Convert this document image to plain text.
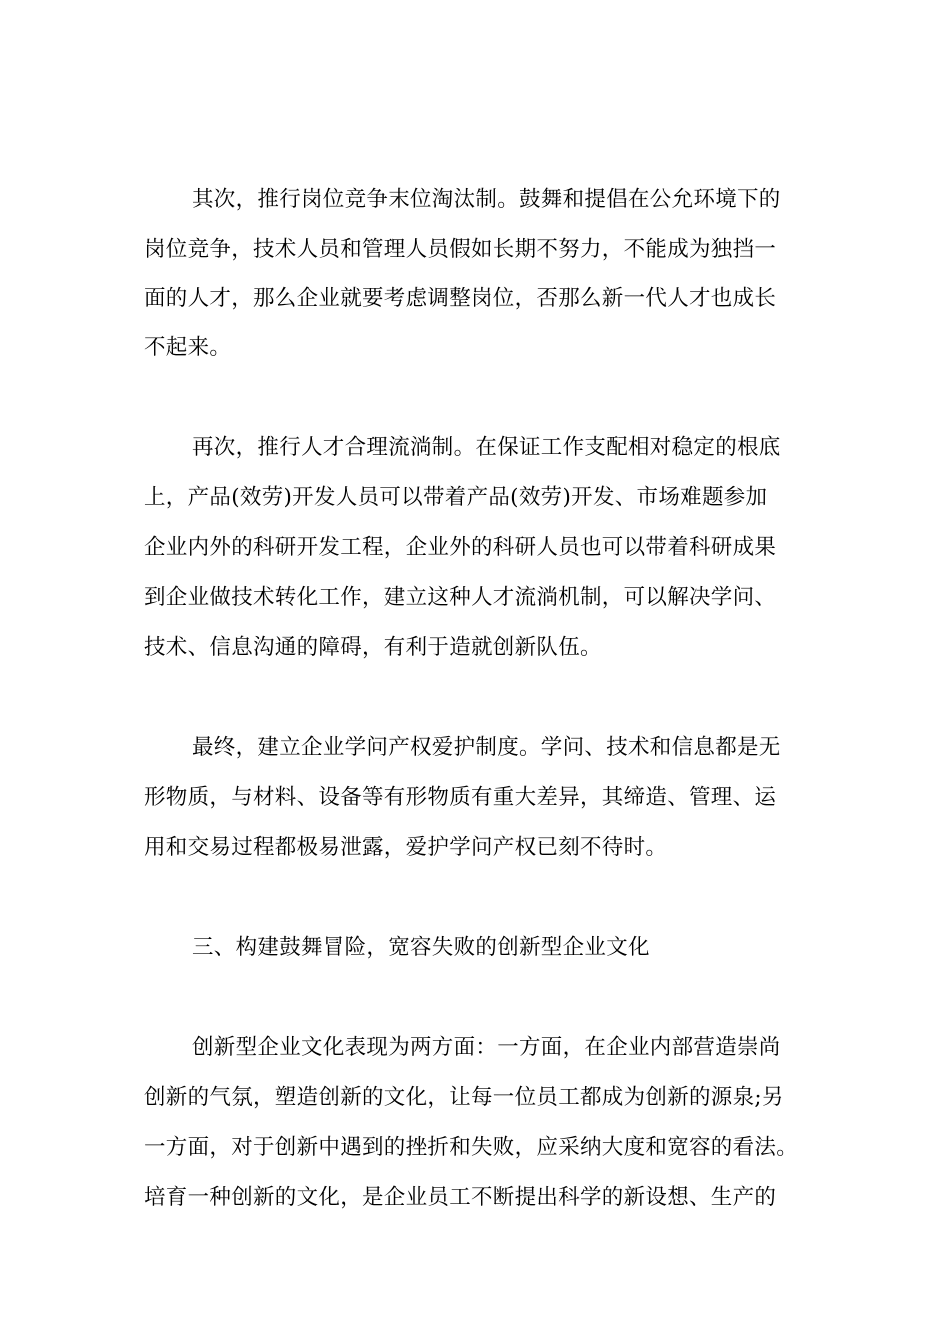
其次，推行岗位竞争末位淘汰制。鼓舞和提倡在公允环境下的

岗位竞争，技术人员和管理人员假如长期不努力，不能成为独挡一

面的人才，那么企业就要考虑调整岗位，否那么新一代人才也成长

不起来。

再次，推行人才合理流淌制。在保证工作支配相对稳定的根底

上，产品(效劳)开发人员可以带着产品(效劳)开发、市场难题参加

企业内外的科研开发工程，企业外的科研人员也可以带着科研成果

到企业做技术转化工作，建立这种人才流淌机制，可以解决学问、

技术、信息沟通的障碍，有利于造就创新队伍。

最终，建立企业学问产权爱护制度。学问、技术和信息都是无

形物质，与材料、设备等有形物质有重大差异，其缔造、管理、运

用和交易过程都极易泄露，爱护学问产权已刻不待时。

三、构建鼓舞冒险，宽容失败的创新型企业文化

创新型企业文化表现为两方面：一方面，在企业内部营造崇尚

创新的气氛，塑造创新的文化，让每一位员工都成为创新的源泉;另

一方面，对于创新中遇到的挫折和失败，应采纳大度和宽容的看法。

培育一种创新的文化，是企业员工不断提出科学的新设想、生产的
